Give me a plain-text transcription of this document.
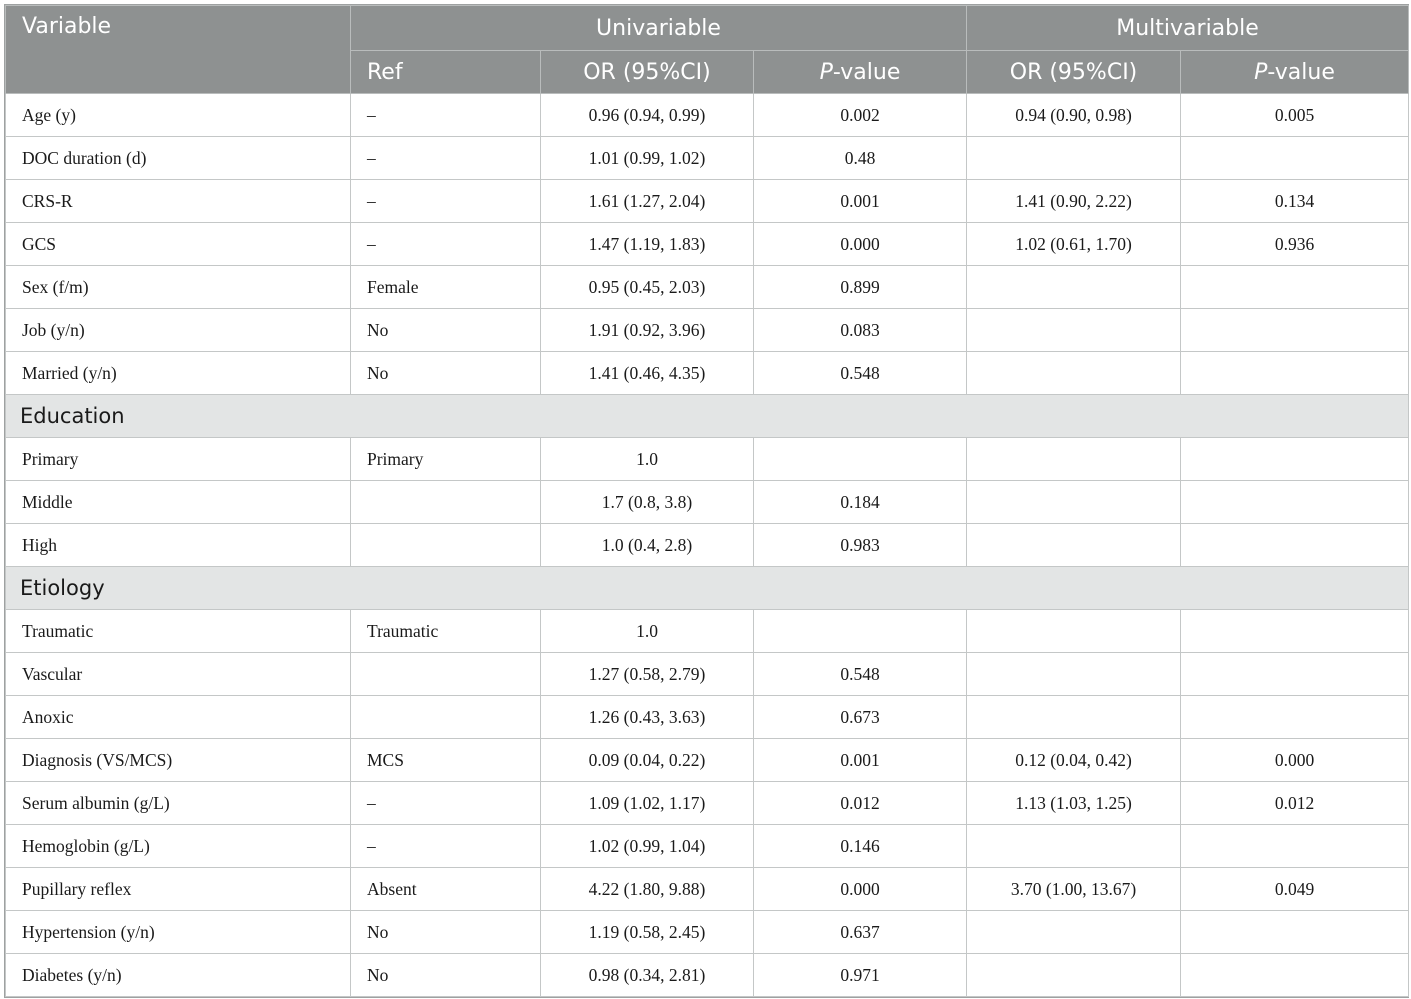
Variable	Univariable			Multivariable	
	Ref	OR (95%CI)	P-value	OR (95%CI)	P-value
Age (y)	–	0.96 (0.94, 0.99)	0.002	0.94 (0.90, 0.98)	0.005
DOC duration (d)	–	1.01 (0.99, 1.02)	0.48		
CRS-R	–	1.61 (1.27, 2.04)	0.001	1.41 (0.90, 2.22)	0.134
GCS	–	1.47 (1.19, 1.83)	0.000	1.02 (0.61, 1.70)	0.936
Sex (f/m)	Female	0.95 (0.45, 2.03)	0.899		
Job (y/n)	No	1.91 (0.92, 3.96)	0.083		
Married (y/n)	No	1.41 (0.46, 4.35)	0.548		
Education					
Primary	Primary	1.0			
Middle		1.7 (0.8, 3.8)	0.184		
High		1.0 (0.4, 2.8)	0.983		
Etiology					
Traumatic	Traumatic	1.0			
Vascular		1.27 (0.58, 2.79)	0.548		
Anoxic		1.26 (0.43, 3.63)	0.673		
Diagnosis (VS/MCS)	MCS	0.09 (0.04, 0.22)	0.001	0.12 (0.04, 0.42)	0.000
Serum albumin (g/L)	–	1.09 (1.02, 1.17)	0.012	1.13 (1.03, 1.25)	0.012
Hemoglobin (g/L)	–	1.02 (0.99, 1.04)	0.146		
Pupillary reflex	Absent	4.22 (1.80, 9.88)	0.000	3.70 (1.00, 13.67)	0.049
Hypertension (y/n)	No	1.19 (0.58, 2.45)	0.637		
Diabetes (y/n)	No	0.98 (0.34, 2.81)	0.971		
